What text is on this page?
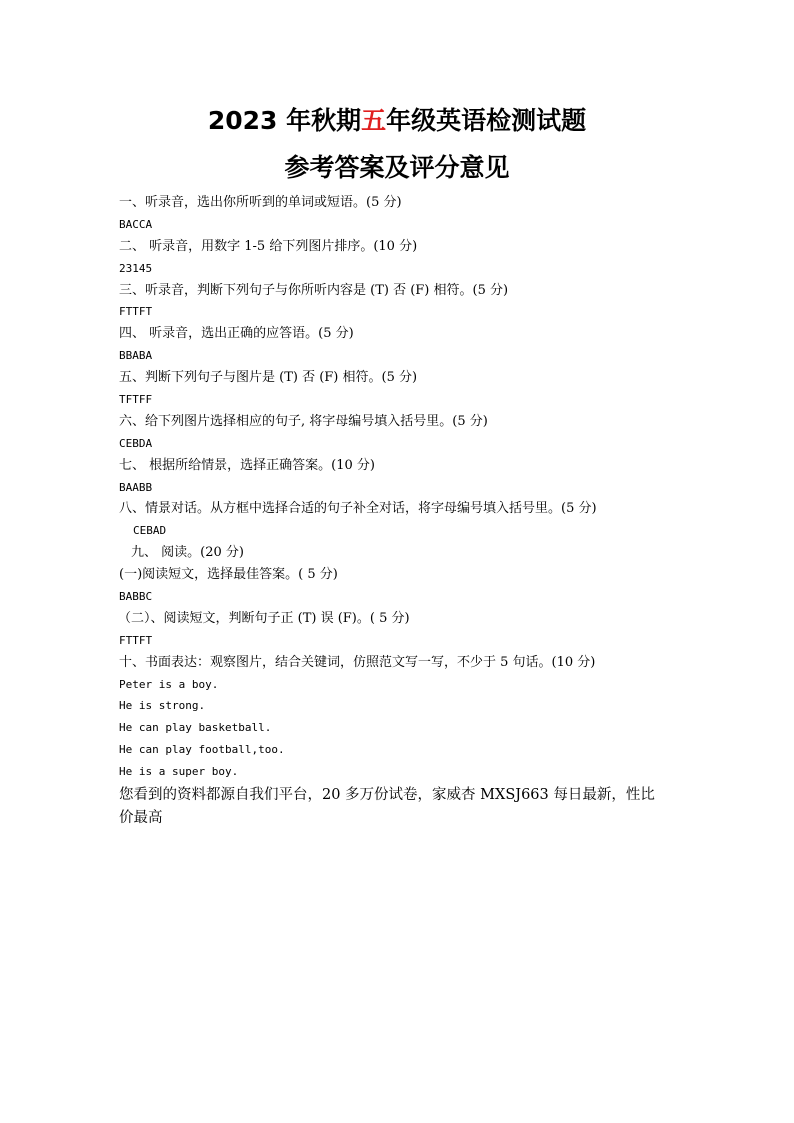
2023 年秋期五年级英语检测试题
参考答案及评分意见
一、听录音，选出你所听到的单词或短语。(5 分)
BACCA
二、 听录音，用数字 1-5 给下列图片排序。(10 分)
23145
三、听录音，判断下列句子与你所听内容是 (T) 否 (F) 相符。(5 分)
FTTFT
四、 听录音，选出正确的应答语。(5 分)
BBABA
五、判断下列句子与图片是 (T) 否 (F) 相符。(5 分)
TFTFF
六、给下列图片选择相应的句子, 将字母编号填入括号里。(5 分)
CEBDA
七、 根据所给情景，选择正确答案。(10 分)
BAABB
八、情景对话。从方框中选择合适的句子补全对话，将字母编号填入括号里。(5 分)
CEBAD
九、 阅读。(20 分)
(一)阅读短文，选择最佳答案。( 5 分)
BABBC
（二）、阅读短文，判断句子正 (T) 误 (F)。( 5 分)
FTTFT
十、书面表达：观察图片，结合关键词，仿照范文写一写，不少于 5 句话。(10 分)
Peter is a boy.
He is strong.
He can play basketball.
He can play football,too.
He is a super boy.
您看到的资料都源自我们平台，20 多万份试卷，家威杏 MXSJ663 每日最新，性比价最高
